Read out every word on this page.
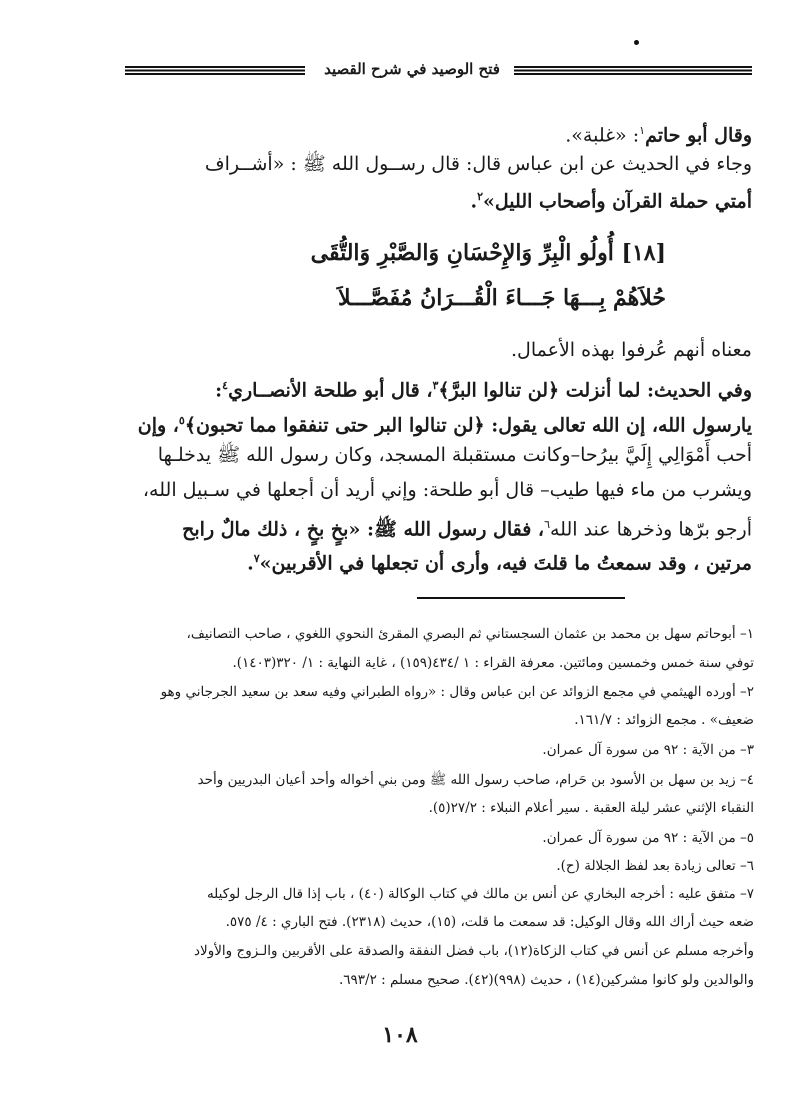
فتح الوصيد في شرح القصيد
وقال أبو حاتم$^١$: «غلبة».
وجاء في الحديث عن ابن عباس قال: قال رســول الله ﷺ : «أشــراف
أمتي حملة القرآن وأصحاب الليل»$^٢$.
[١٨] أُولُو الْبِرِّ وَالإِحْسَانِ وَالصَّبْرِ وَالتُّقَى
حُلاَهُمْ بِـــهَا جَـــاءَ الْقُـــرَانُ مُفَصَّـــلاَ
معناه أنهم عُرفوا بهذه الأعمال.
وفي الحديث: لما أنزلت ﴿لن تنالوا البرَّ﴾$^٣$، قال أبو طلحة الأنصــاري$^٤$:
يارسول الله، إن الله تعالى يقول: ﴿لن تنالوا البر حتى تنفقوا مما تحبون﴾$^٥$، وإن
أحب أَمْوَالِي إِلَيَّ بيرُحا–وكانت مستقبلة المسجد، وكان رسول الله ﷺ يدخلـها
ويشرب من ماء فيها طيب– قال أبو طلحة: وإني أريد أن أجعلها في سـبيل الله،
أرجو برّها وذخرها عند الله$^٦$، فقال رسول الله ﷺ: «بخٍ بخٍ ، ذلك مالٌ رابح
مرتين ، وقد سمعتُ ما قلتَ فيه، وأرى أن تجعلها في الأقربين»$^٧$.
١– أبوحاتم سهل بن محمد بن عثمان السجستاني ثم البصري المقرئ النحوي اللغوي ، صاحب التصانيف،
توفي سنة خمس وخمسين ومائتين. معرفة القراء : ١ /٤٣٤(١٥٩) ، غاية النهاية : ١/ ٣٢٠(١٤٠٣).
٢– أورده الهيثمي في مجمع الزوائد عن ابن عباس وقال : «رواه الطبراني وفيه سعد بن سعيد الجرجاني وهو
ضعيف» . مجمع الزوائد : ١٦١/٧.
٣– من الآية : ٩٢ من سورة آل عمران.
٤– زيد بن سهل بن الأسود بن حَرام، صاحب رسول الله ﷺ ومن بني أخواله وأحد أعيان البدريين وأحد
النقباء الإثني عشر ليلة العقبة . سير أعلام النبلاء : ٢٧/٢(٥).
٥– من الآية : ٩٢ من سورة آل عمران.
٦– تعالى زيادة بعد لفظ الجلالة (ح).
٧– متفق عليه : أخرجه البخاري عن أنس بن مالك في كتاب الوكالة (٤٠) ، باب إذا قال الرجل لوكيله
ضعه حيث أراك الله وقال الوكيل: قد سمعت ما قلت، (١٥)، حديث (٢٣١٨). فتح الباري : ٤/ ٥٧٥.
وأخرجه مسلم عن أنس في كتاب الزكاة(١٢)، باب فضل النفقة والصدقة على الأقربين والـزوج والأولاد
والوالدين ولو كانوا مشركين(١٤) ، حديث (٩٩٨)(٤٢). صحيح مسلم : ٦٩٣/٢.
١٠٨
